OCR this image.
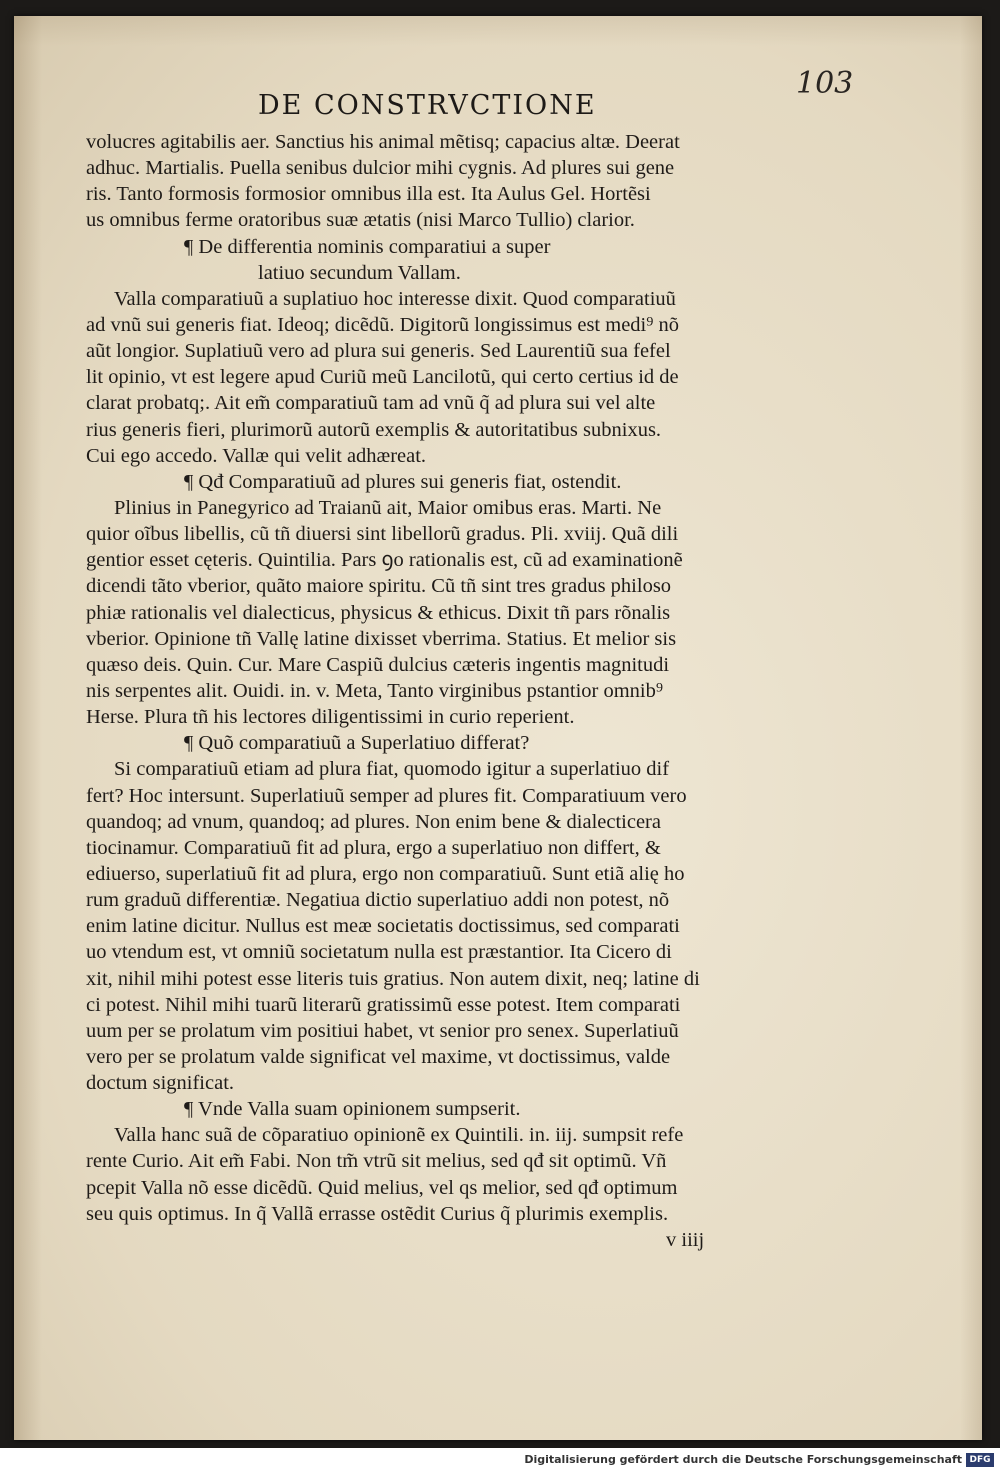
103
DE CONSTRVCTIONE
volucres agitabilis aer. Sanctius his animal mẽtisq; capacius altæ. Deerat
adhuc. Martialis. Puella senibus dulcior mihi cygnis. Ad plures sui gene
ris. Tanto formosis formosior omnibus illa est. Ita Aulus Gel. Hortẽsi
us omnibus ferme oratoribus suæ ætatis (nisi Marco Tullio) clarior.
¶ De differentia nominis comparatiui a super
latiuo secundum Vallam.
Valla comparatiuũ a suplatiuo hoc interesse dixit. Quod comparatiuũ
ad vnũ sui generis fiat. Ideoq; dicẽdũ. Digitorũ longissimus est medi⁹ nõ
aũt longior. Suplatiuũ vero ad plura sui generis. Sed Laurentiũ sua fefel
lit opinio, vt est legere apud Curiũ meũ Lancilotũ, qui certo certius id de
clarat probatq;. Ait em̃ comparatiuũ tam ad vnũ q̃ ad plura sui vel alte
rius generis fieri, plurimorũ autorũ exemplis & autoritatibus subnixus.
Cui ego accedo. Vallæ qui velit adhæreat.
¶ Qđ Comparatiuũ ad plures sui generis fiat, ostendit.
Plinius in Panegyrico ad Traianũ ait, Maior omibus eras. Marti. Ne
quior oĩbus libellis, cũ tñ diuersi sint libellorũ gradus. Pli. xviij. Quã dili
gentior esset cęteris. Quintilia. Pars ꝯo rationalis est, cũ ad examinationẽ
dicendi tãto vberior, quãto maiore spiritu. Cũ tñ sint tres gradus philoso
phiæ rationalis vel dialecticus, physicus & ethicus. Dixit tñ pars rõnalis
vberior. Opinione tñ Vallę latine dixisset vberrima. Statius. Et melior sis
quæso deis. Quin. Cur. Mare Caspiũ dulcius cæteris ingentis magnitudi
nis serpentes alit. Ouidi. in. v. Meta, Tanto virginibus pstantior omnib⁹
Herse. Plura tñ his lectores diligentissimi in curio reperient.
¶ Quõ comparatiuũ a Superlatiuo differat?
Si comparatiuũ etiam ad plura fiat, quomodo igitur a superlatiuo dif
fert? Hoc intersunt. Superlatiuũ semper ad plures fit. Comparatiuum vero
quandoq; ad vnum, quandoq; ad plures. Non enim bene & dialecticera
tiocinamur. Comparatiuũ fit ad plura, ergo a superlatiuo non differt, &
ediuerso, superlatiuũ fit ad plura, ergo non comparatiuũ. Sunt etiã alię ho
rum graduũ differentiæ. Negatiua dictio superlatiuo addi non potest, nõ
enim latine dicitur. Nullus est meæ societatis doctissimus, sed comparati
uo vtendum est, vt omniũ societatum nulla est præstantior. Ita Cicero di
xit, nihil mihi potest esse literis tuis gratius. Non autem dixit, neq; latine di
ci potest. Nihil mihi tuarũ literarũ gratissimũ esse potest. Item comparati
uum per se prolatum vim positiui habet, vt senior pro senex. Superlatiuũ
vero per se prolatum valde significat vel maxime, vt doctissimus, valde
doctum significat.
¶ Vnde Valla suam opinionem sumpserit.
Valla hanc suã de cõparatiuo opinionẽ ex Quintili. in. iij. sumpsit refe
rente Curio. Ait em̃ Fabi. Non tm̃ vtrũ sit melius, sed qđ sit optimũ. Vñ
pcepit Valla nõ esse dicẽdũ. Quid melius, vel qs melior, sed qđ optimum
seu quis optimus. In q̃ Vallã errasse ostẽdit Curius q̃ plurimis exemplis.
v iiij
Digitalisierung gefördert durch die Deutsche Forschungsgemeinschaft DFG
